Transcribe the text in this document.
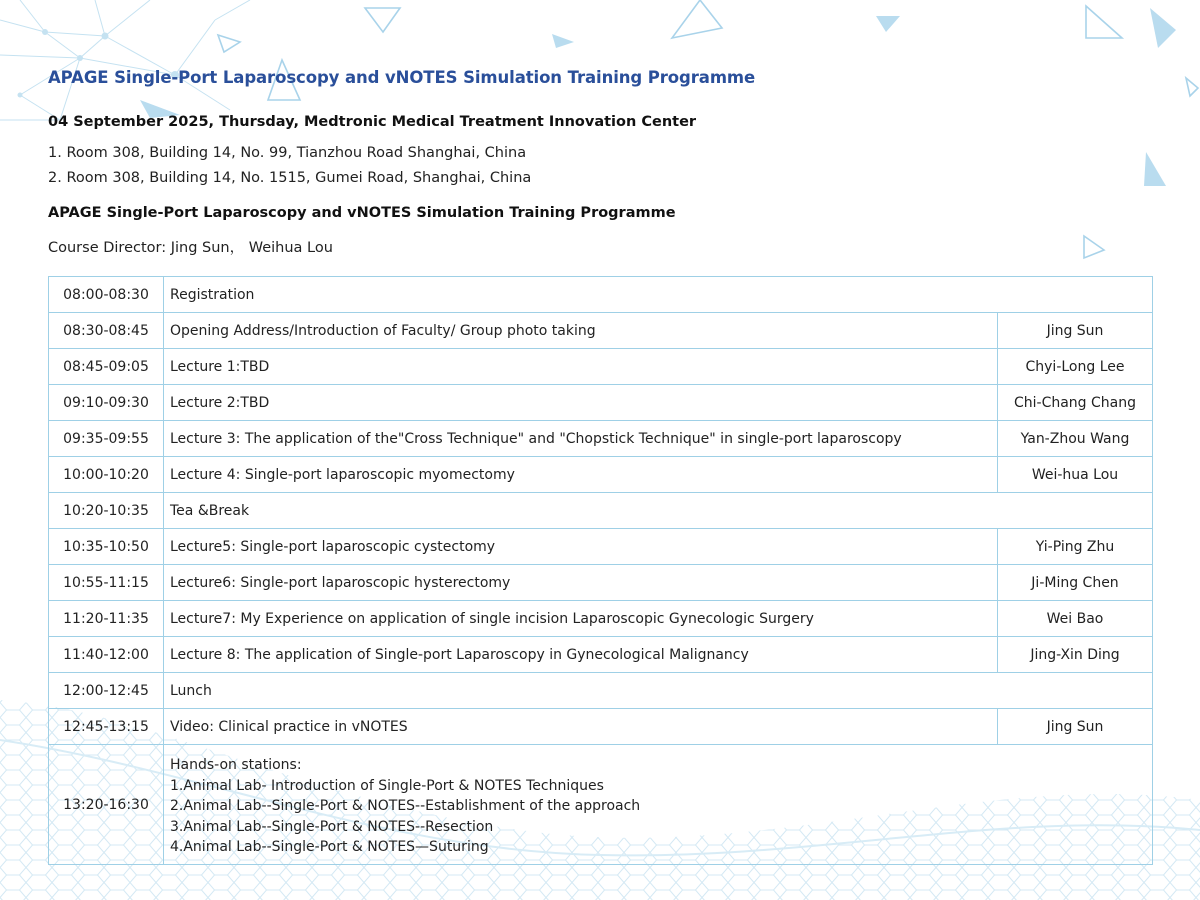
APAGE Single-Port Laparoscopy and vNOTES Simulation Training Programme
04 September 2025, Thursday, Medtronic Medical Treatment Innovation Center
1. Room 308, Building 14, No. 99, Tianzhou Road Shanghai, China
2. Room 308, Building 14, No. 1515, Gumei Road, Shanghai, China
APAGE Single-Port Laparoscopy and vNOTES Simulation Training Programme
Course Director: Jing Sun， Weihua Lou
08:00-08:30	Registration	
08:30-08:45	Opening Address/Introduction of Faculty/ Group photo taking	Jing Sun
08:45-09:05	Lecture 1:TBD	Chyi-Long Lee
09:10-09:30	Lecture 2:TBD	Chi-Chang Chang
09:35-09:55	Lecture 3: The application of the"Cross Technique" and "Chopstick Technique" in single-port laparoscopy	Yan-Zhou Wang
10:00-10:20	Lecture 4: Single-port laparoscopic myomectomy	Wei-hua Lou
10:20-10:35	Tea &Break	
10:35-10:50	Lecture5: Single-port laparoscopic cystectomy	Yi-Ping Zhu
10:55-11:15	Lecture6: Single-port laparoscopic hysterectomy	Ji-Ming Chen
11:20-11:35	Lecture7: My Experience on application of single incision Laparoscopic Gynecologic Surgery	Wei Bao
11:40-12:00	Lecture 8: The application of Single-port Laparoscopy in Gynecological Malignancy	Jing-Xin Ding
12:00-12:45	Lunch	
12:45-13:15	Video: Clinical practice in vNOTES	Jing Sun
13:20-16:30	Hands-on stations:
1.Animal Lab- Introduction of Single-Port & NOTES Techniques
2.Animal Lab--Single-Port & NOTES--Establishment of the approach
3.Animal Lab--Single-Port & NOTES--Resection
4.Animal Lab--Single-Port & NOTES—Suturing	
